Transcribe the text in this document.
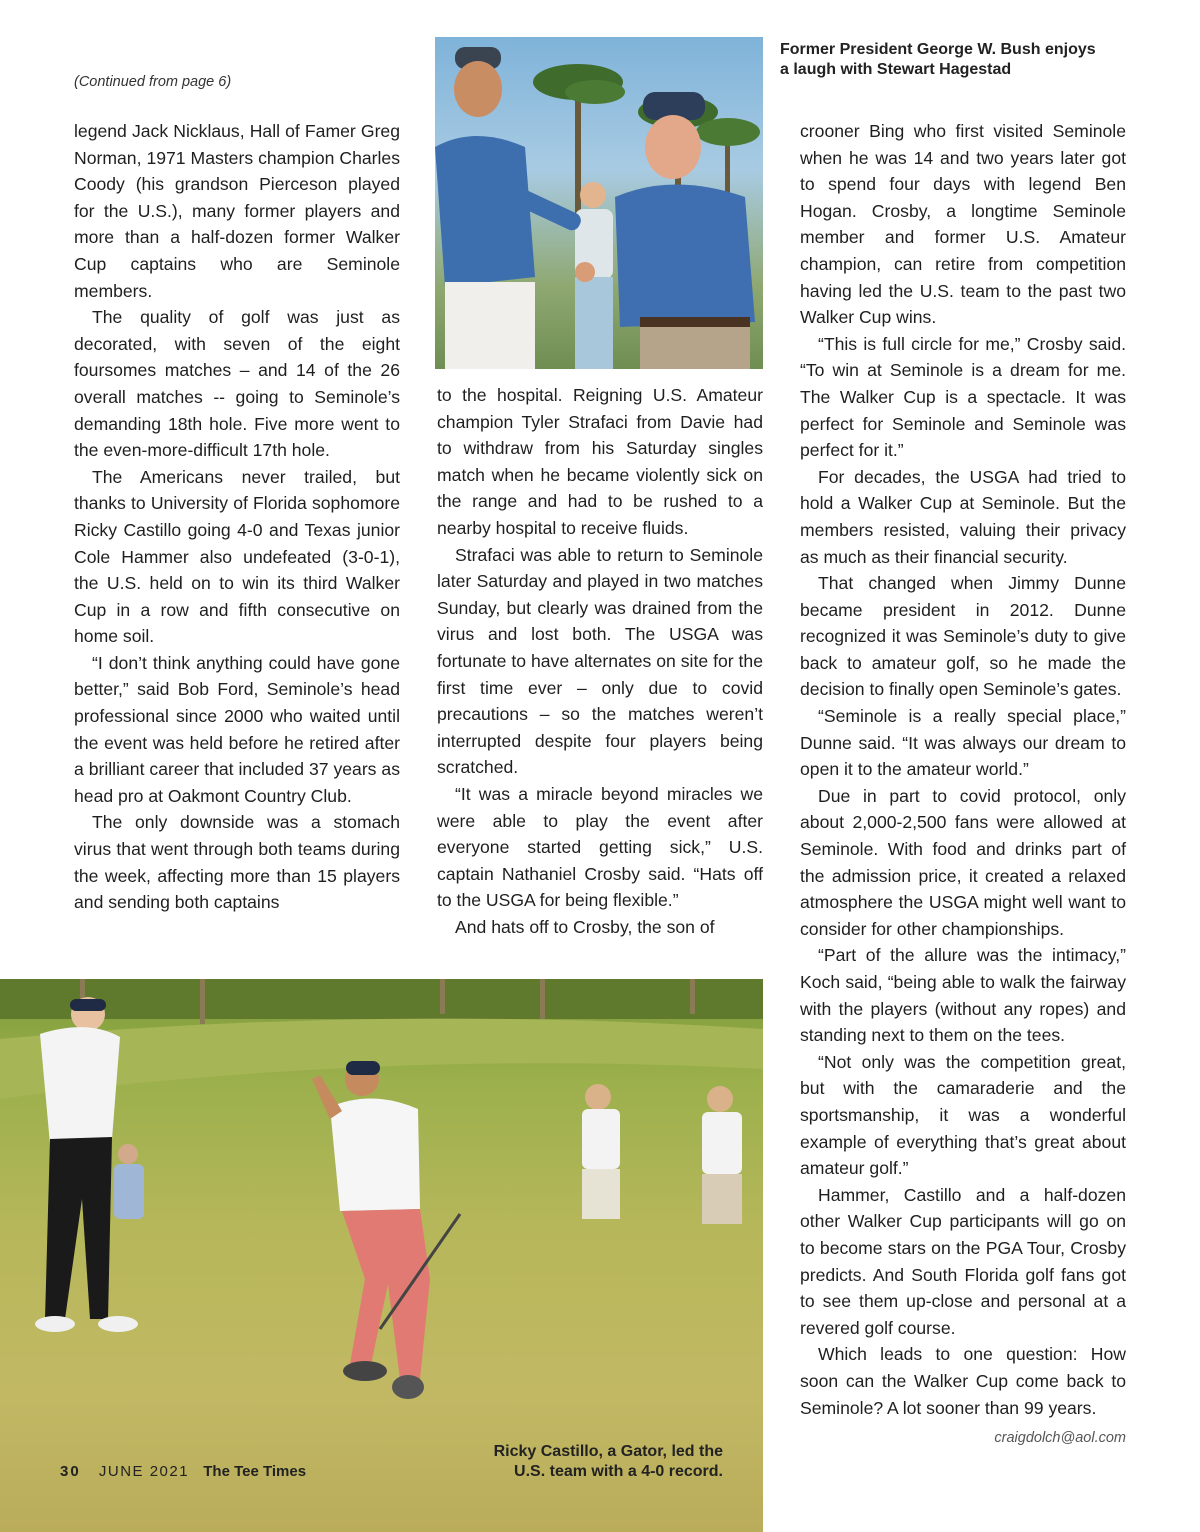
(Continued from page 6)

legend Jack Nicklaus, Hall of Famer Greg Norman, 1971 Masters champion Charles Coody (his grandson Pierceson played for the U.S.), many former players and more than a half-dozen former Walker Cup captains who are Seminole members.

The quality of golf was just as decorated, with seven of the eight foursomes matches – and 14 of the 26 overall matches -- going to Seminole’s demanding 18th hole. Five more went to the even-more-difficult 17th hole.

The Americans never trailed, but thanks to University of Florida sophomore Ricky Castillo going 4-0 and Texas junior Cole Hammer also undefeated (3-0-1), the U.S. held on to win its third Walker Cup in a row and fifth consecutive on home soil.

“I don’t think anything could have gone better,” said Bob Ford, Seminole’s head professional since 2000 who waited until the event was held before he retired after a brilliant career that included 37 years as head pro at Oakmont Country Club.

The only downside was a stomach virus that went through both teams during the week, affecting more than 15 players and sending both captains

Former President George W. Bush enjoys
a laugh with Stewart Hagestad

to the hospital. Reigning U.S. Amateur champion Tyler Strafaci from Davie had to withdraw from his Saturday singles match when he became violently sick on the range and had to be rushed to a nearby hospital to receive fluids.

Strafaci was able to return to Seminole later Saturday and played in two matches Sunday, but clearly was drained from the virus and lost both. The USGA was fortunate to have alternates on site for the first time ever – only due to covid precautions – so the matches weren’t interrupted despite four players being scratched.

“It was a miracle beyond miracles we were able to play the event after everyone started getting sick,” U.S. captain Nathaniel Crosby said. “Hats off to the USGA for being flexible.”

And hats off to Crosby, the son of

crooner Bing who first visited Seminole when he was 14 and two years later got to spend four days with legend Ben Hogan. Crosby, a longtime Seminole member and former U.S. Amateur champion, can retire from competition having led the U.S. team to the past two Walker Cup wins.

“This is full circle for me,” Crosby said. “To win at Seminole is a dream for me. The Walker Cup is a spectacle. It was perfect for Seminole and Seminole was perfect for it.”

For decades, the USGA had tried to hold a Walker Cup at Seminole. But the members resisted, valuing their privacy as much as their financial security.

That changed when Jimmy Dunne became president in 2012. Dunne recognized it was Seminole’s duty to give back to amateur golf, so he made the decision to finally open Seminole’s gates.

“Seminole is a really special place,” Dunne said. “It was always our dream to open it to the amateur world.”

Due in part to covid protocol, only about 2,000-2,500 fans were allowed at Seminole. With food and drinks part of the admission price, it created a relaxed atmosphere the USGA might well want to consider for other championships.

“Part of the allure was the intimacy,” Koch said, “being able to walk the fairway with the players (without any ropes) and standing next to them on the tees.

“Not only was the competition great, but with the camaraderie and the sportsmanship, it was a wonderful example of everything that’s great about amateur golf.”

Hammer, Castillo and a half-dozen other Walker Cup participants will go on to become stars on the PGA Tour, Crosby predicts. And South Florida golf fans got to see them up-close and personal at a revered golf course.

Which leads to one question: How soon can the Walker Cup come back to Seminole? A lot sooner than 99 years.

craigdolch@aol.com
Ricky Castillo, a Gator, led the
U.S. team with a 4-0 record.
30 JUNE 2021 The Tee Times
